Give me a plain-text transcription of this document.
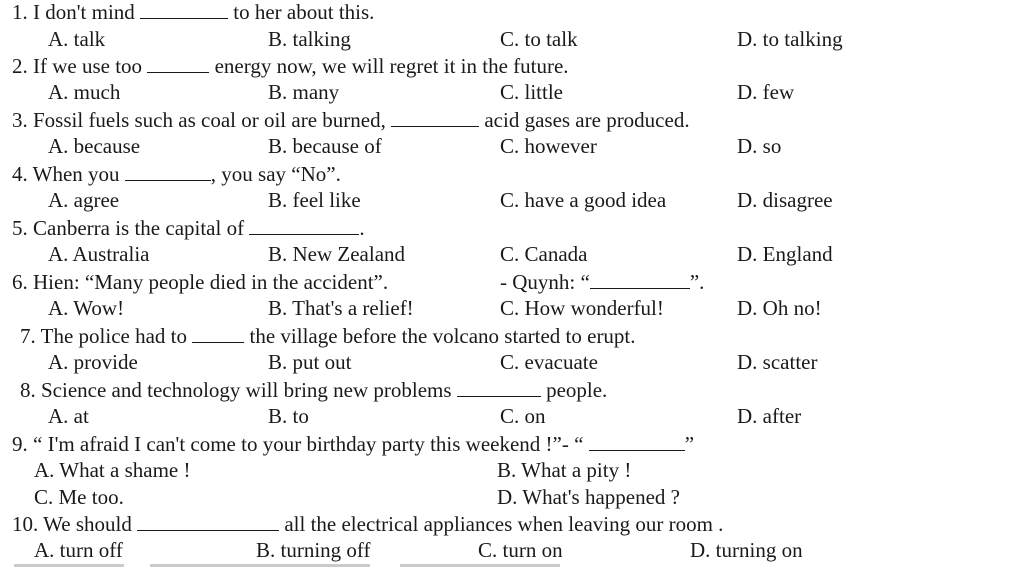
1. I don't mind	to her about this.
A. talk	B. talking	C. to talk	D. to talking
2. If we use too	energy now, we will regret it in the future.
A. much	B. many	C. little	D. few
3. Fossil fuels such as coal or oil are burned,	acid gases are produced.
A. because	B. because of	C. however	D. so
4. When you	, you say “No”.
A. agree	B. feel like	C. have a good idea	D. disagree
5. Canberra is the capital of	.
A. Australia	B. New Zealand	C. Canada	D. England
6. Hien: “Many people died in the accident”.	- Quynh: “	”.
A. Wow!	B. That's a relief!	C. How wonderful!	D. Oh no!
7. The police had to  the village before the volcano started to erupt.
A. provide	B. put out	C. evacuate	D. scatter
8. Science and technology will bring new problems	people.
A. at	B. to	C. on	D. after
9. “ I'm afraid I can't come to your birthday party this weekend !”- “	”
A. What a shame !	B. What a pity !
C. Me too.	D. What's happened ?
10. We should	all the electrical appliances when leaving our room .
A. turn off	B. turning off	C. turn on	D. turning on
